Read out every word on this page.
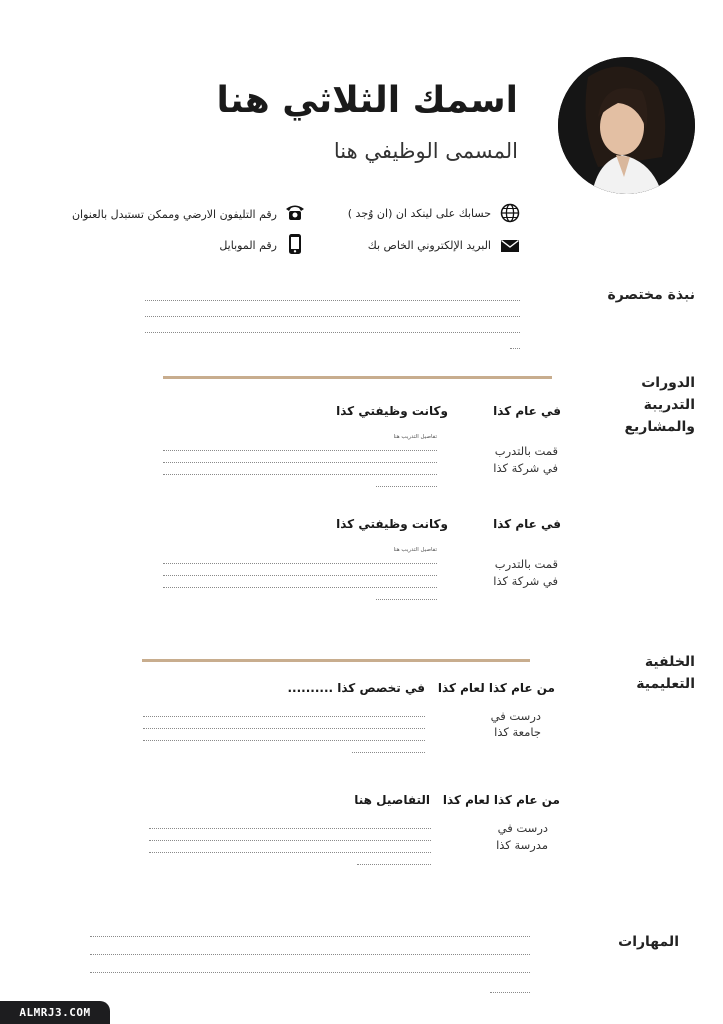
اسمك الثلاثي هنا
المسمى الوظيفي هنا
حسابك على لينكد ان (ان وُجد )
رقم التليفون الارضي وممكن تستبدل بالعنوان
البريد الإلكتروني الخاص بك
رقم الموبايل
نبذة مختصرة
الدورات التدريبة والمشاريع
في عام كذا
وكانت وظيفتي كذا
تفاصيل التدريب هنا
قمت بالتدرب
في شركة كذا
في عام كذا
وكانت وظيفتي كذا
تفاصيل التدريب هنا
قمت بالتدرب
في شركة كذا
الخلفية التعليمية
من عام كذا لعام كذا
في تخصص كذا ..........
درست في
جامعة كذا
من عام كذا لعام كذا
التفاصيل هنا
درست في
مدرسة كذا
المهارات
ALMRJ3.COM
